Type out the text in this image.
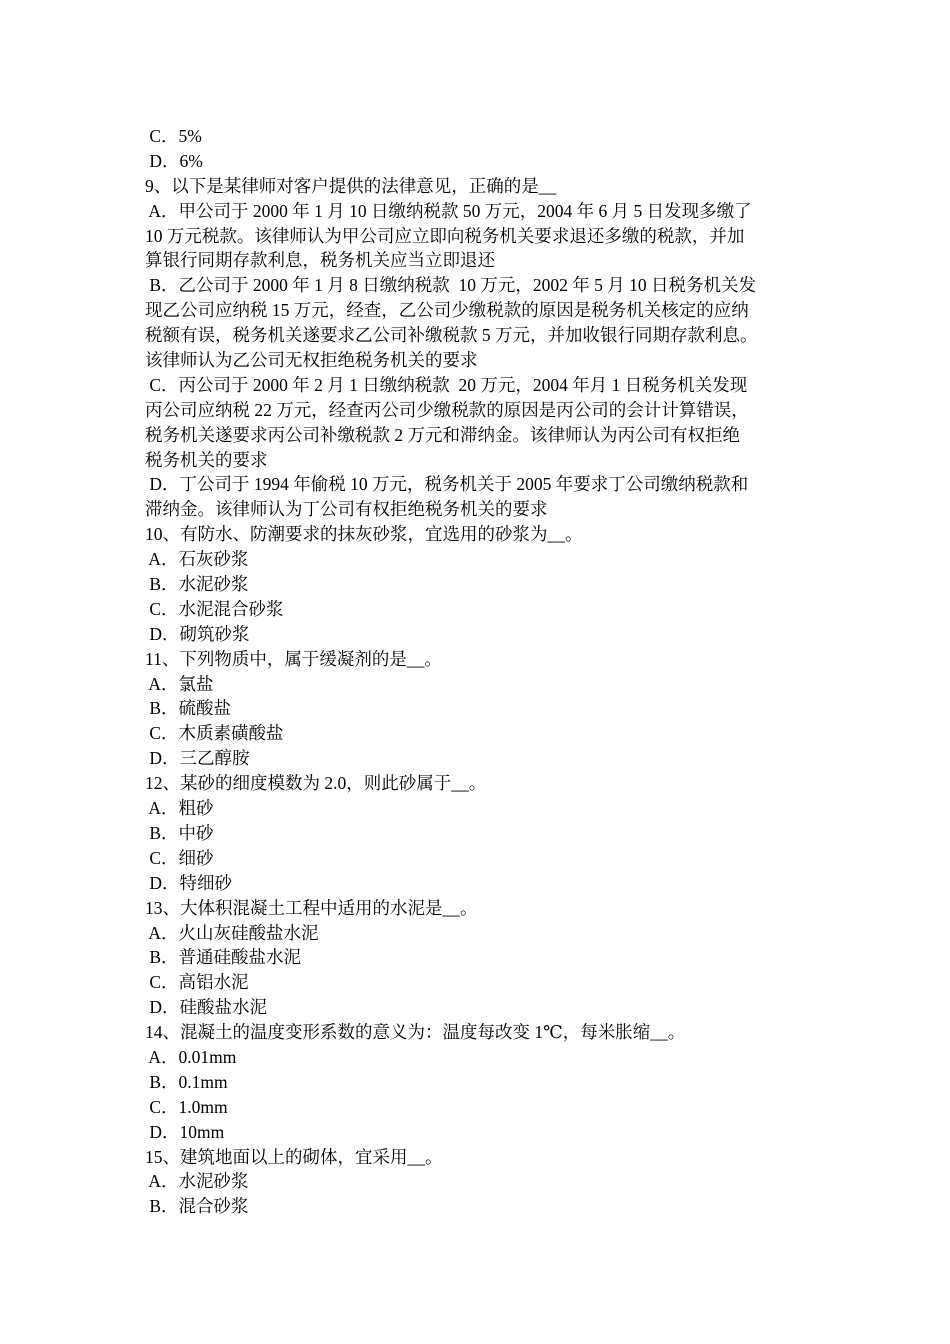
C．5%
D．6%
9、以下是某律师对客户提供的法律意见，正确的是__
A．甲公司于 2000 年 1 月 10 日缴纳税款 50 万元，2004 年 6 月 5 日发现多缴了
10 万元税款。该律师认为甲公司应立即向税务机关要求退还多缴的税款，并加
算银行同期存款利息，税务机关应当立即退还
B．乙公司于 2000 年 1 月 8 日缴纳税款  10 万元，2002 年 5 月 10 日税务机关发
现乙公司应纳税 15 万元，经查，乙公司少缴税款的原因是税务机关核定的应纳
税额有误，税务机关遂要求乙公司补缴税款 5 万元，并加收银行同期存款利息。
该律师认为乙公司无权拒绝税务机关的要求
C．丙公司于 2000 年 2 月 1 日缴纳税款  20 万元，2004 年月 1 日税务机关发现
丙公司应纳税 22 万元，经查丙公司少缴税款的原因是丙公司的会计计算错误，
税务机关遂要求丙公司补缴税款 2 万元和滞纳金。该律师认为丙公司有权拒绝
税务机关的要求
D．丁公司于 1994 年偷税 10 万元，税务机关于 2005 年要求丁公司缴纳税款和
滞纳金。该律师认为丁公司有权拒绝税务机关的要求
10、有防水、防潮要求的抹灰砂浆，宜选用的砂浆为__。
A．石灰砂浆
B．水泥砂浆
C．水泥混合砂浆
D．砌筑砂浆
11、下列物质中，属于缓凝剂的是__。
A．氯盐
B．硫酸盐
C．木质素磺酸盐
D．三乙醇胺
12、某砂的细度模数为 2.0，则此砂属于__。
A．粗砂
B．中砂
C．细砂
D．特细砂
13、大体积混凝土工程中适用的水泥是__。
A．火山灰硅酸盐水泥
B．普通硅酸盐水泥
C．高铝水泥
D．硅酸盐水泥
14、混凝土的温度变形系数的意义为：温度每改变 1℃，每米胀缩__。
A．0.01mm
B．0.1mm
C．1.0mm
D．10mm
15、建筑地面以上的砌体，宜采用__。
A．水泥砂浆
B．混合砂浆
